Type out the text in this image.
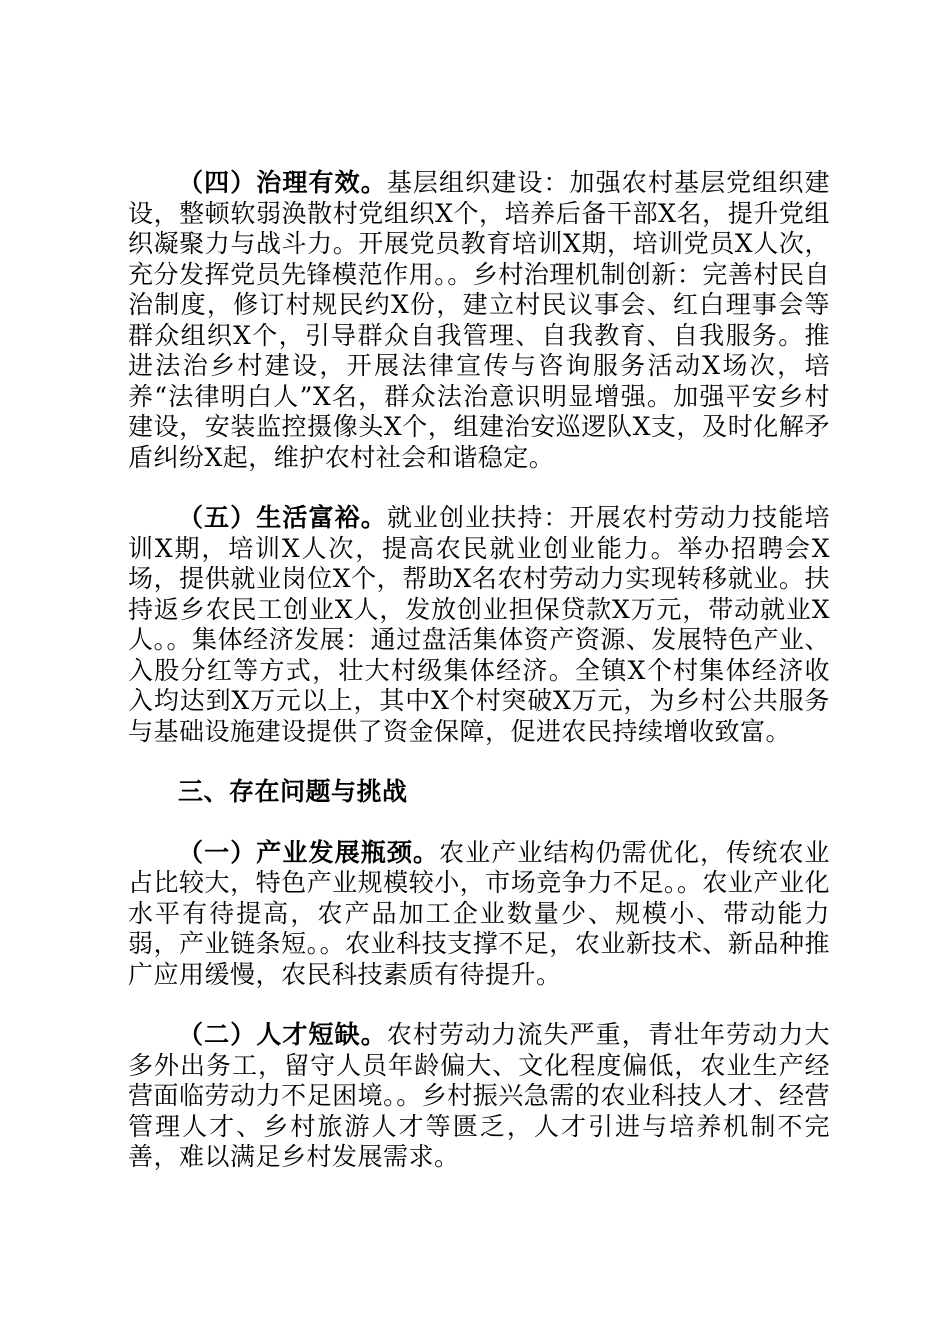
（四）治理有效。基层组织建设：加强农村基层党组织建设，整顿软弱涣散村党组织X个，培养后备干部X名，提升党组织凝聚力与战斗力。开展党员教育培训X期，培训党员X人次，充分发挥党员先锋模范作用。。乡村治理机制创新：完善村民自治制度，修订村规民约X份，建立村民议事会、红白理事会等群众组织X个，引导群众自我管理、自我教育、自我服务。推进法治乡村建设，开展法律宣传与咨询服务活动X场次，培养“法律明白人”X名，群众法治意识明显增强。加强平安乡村建设，安装监控摄像头X个，组建治安巡逻队X支，及时化解矛盾纠纷X起，维护农村社会和谐稳定。

（五）生活富裕。就业创业扶持：开展农村劳动力技能培训X期，培训X人次，提高农民就业创业能力。举办招聘会X场，提供就业岗位X个，帮助X名农村劳动力实现转移就业。扶持返乡农民工创业X人，发放创业担保贷款X万元，带动就业X人。。集体经济发展：通过盘活集体资产资源、发展特色产业、入股分红等方式，壮大村级集体经济。全镇X个村集体经济收入均达到X万元以上，其中X个村突破X万元，为乡村公共服务与基础设施建设提供了资金保障，促进农民持续增收致富。

三、存在问题与挑战

（一）产业发展瓶颈。农业产业结构仍需优化，传统农业占比较大，特色产业规模较小，市场竞争力不足。。农业产业化水平有待提高，农产品加工企业数量少、规模小、带动能力弱，产业链条短。。农业科技支撑不足，农业新技术、新品种推广应用缓慢，农民科技素质有待提升。

（二）人才短缺。农村劳动力流失严重，青壮年劳动力大多外出务工，留守人员年龄偏大、文化程度偏低，农业生产经营面临劳动力不足困境。。乡村振兴急需的农业科技人才、经营管理人才、乡村旅游人才等匮乏，人才引进与培养机制不完善，难以满足乡村发展需求。
